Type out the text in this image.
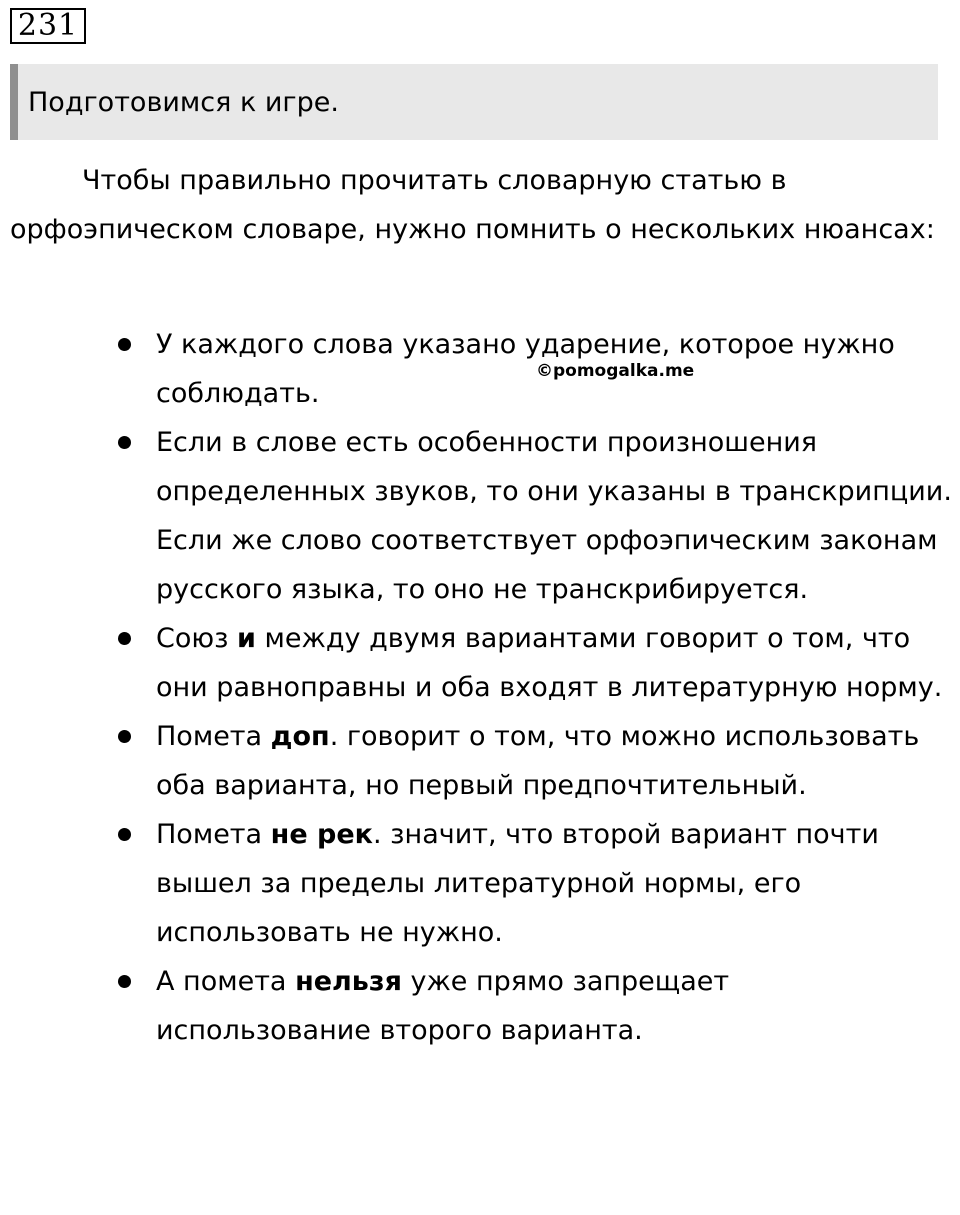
231
Подготовимся к игре.

Чтобы правильно прочитать словарную статью в орфоэпическом словаре, нужно помнить о нескольких нюансах:

У каждого слова указано ударение, которое нужно соблюдать.
Если в слове есть особенности произношения определенных звуков, то они указаны в транскрипции. Если же слово соответствует орфоэпическим законам русского языка, то оно не транскрибируется.
Союз и между двумя вариантами говорит о том, что они равноправны и оба входят в литературную норму.
Помета доп. говорит о том, что можно использовать оба варианта, но первый предпочтительный.
Помета не рек. значит, что второй вариант почти вышел за пределы литературной нормы, его использовать не нужно.
А помета нельзя уже прямо запрещает использование второго варианта.
©pomogalka.me
